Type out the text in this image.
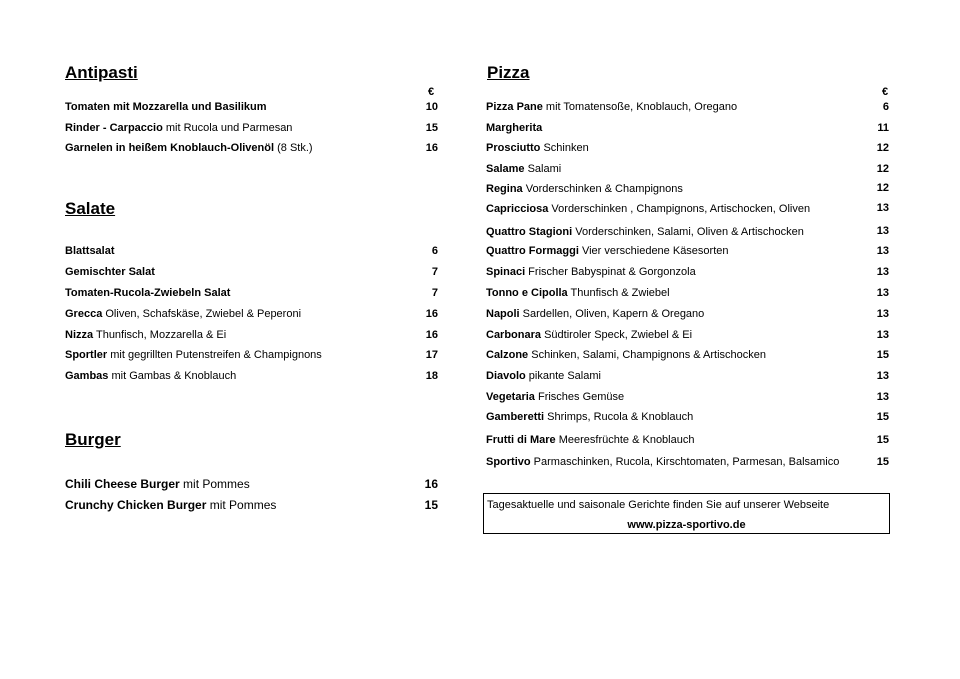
Antipasti
€
Tomaten mit Mozzarella und Basilikum	10
Rinder - Carpaccio mit Rucola und Parmesan	15
Garnelen in heißem Knoblauch-Olivenöl (8 Stk.)	16
Salate
Blattsalat	6
Gemischter Salat	7
Tomaten-Rucola-Zwiebeln Salat	7
Grecca Oliven, Schafskäse, Zwiebel & Peperoni	16
Nizza Thunfisch, Mozzarella & Ei	16
Sportler mit gegrillten Putenstreifen & Champignons	17
Gambas mit Gambas & Knoblauch	18
Burger
Chili Cheese Burger mit Pommes	16
Crunchy Chicken Burger mit Pommes	15
Pizza
€
Pizza Pane mit Tomatensoße, Knoblauch, Oregano	6
Margherita	11
Prosciutto Schinken	12
Salame Salami	12
Regina Vorderschinken & Champignons	12
Capricciosa Vorderschinken , Champignons, Artischocken, Oliven	13
Quattro Stagioni Vorderschinken, Salami, Oliven & Artischocken	13
Quattro Formaggi Vier verschiedene Käsesorten	13
Spinaci Frischer Babyspinat & Gorgonzola	13
Tonno e Cipolla Thunfisch & Zwiebel	13
Napoli Sardellen, Oliven, Kapern & Oregano	13
Carbonara Südtiroler Speck, Zwiebel & Ei	13
Calzone Schinken, Salami, Champignons & Artischocken	15
Diavolo pikante Salami	13
Vegetaria Frisches Gemüse	13
Gamberetti Shrimps, Rucola & Knoblauch	15
Frutti di Mare Meeresfrüchte & Knoblauch	15
Sportivo Parmaschinken, Rucola, Kirschtomaten, Parmesan, Balsamico	15
Tagesaktuelle und saisonale Gerichte finden Sie auf unserer Webseite
www.pizza-sportivo.de
